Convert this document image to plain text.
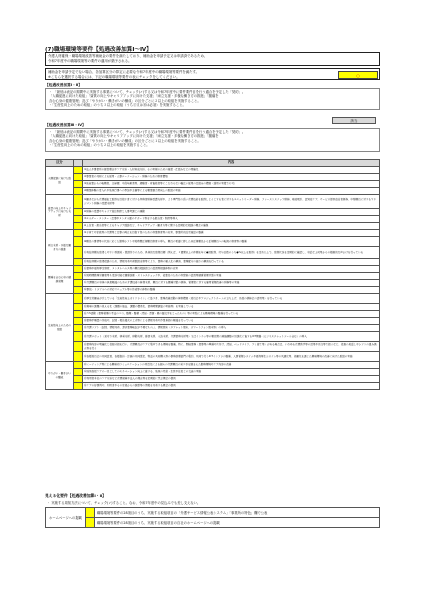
(7)職場環境等要件【処遇改善加算Ⅰ～Ⅳ】
介護人材確保・職場環境改善等補助金の要件を満たしており、補助金を申請予定又は申請済であるため、
令和7年度中の職場環境等の要件の適用が猶予される。
補助金を申請予定でない場合、各加算区分の算定に必要な令和7年度中の職場環境等要件を満たす。
※こちらを選択する場合には、下記の職場環境等要件の表にチェックをしてください。	○
【処遇改善加算Ⅰ・Ⅱ】
・ 「最低は表記の期間中に実施する事業について、チェック(✓)する又は令和7年度中に要件要件目を行う適合を予定した「契約」。
「入職促進に向けた取組」「資質の向上やキャリアアップに向けた支援」「両立支援・多様な働き方の推進」「腰痛を
含む心身の健康管理」及び「やりがい・働きがいの醸成」の区分ごとに２以上の取組を実施すること。
・「生産性向上のための取組」のうち３以上の取組（うち⑰又は⑱は必須）を実施すること。
該当
【処遇改善加算Ⅲ・Ⅳ】
・ 「最低は表記の期間中に実施する事業について、チェック(✓)する又は令和7年度中に要件要件目を行う適合を予定した「契約」。
「入職促進に向けた取組」「資質の向上やキャリアアップに向けた支援」「両立支援・多様な働き方の推進」「腰痛を
含む心身の健康管理」及び「やりがい・働きがいの醸成」の区分ごとに１以上の取組を実施すること。
・「生産性向上のための取組」のうち２以上の取組を実施すること。
区分		内容
入職促進に向けた取組		①法人や事業所の経営理念やケア方針・人材育成方針、その実現のための施策・仕組みなどの明確化
		②事業者の共同による採用・人事ローテーション・研修のための制度構築
		③他産業からの転職者、主婦層、中高年齢者等、経験者・有資格者等にこだわらない幅広い採用の仕組みの構築（採用の実績でも可）
		④職業体験の受入れや地域行事への参加や主催等による職業魅力度向上の取組の実施
資質の向上やキャリアアップに向けた支援		⑤働きながら介護福祉士取得を目指す者に対する実務者研修受講支援や、より専門性の高い介護技術を取得しようとする者に対するユニットリーダー研修、ファーストステップ研修、喀痰吸引、認知症ケア、サービス提供責任者研修、中堅職員に対するマネジメント研修の受講支援等
		⑥研修の受講やキャリア段位制度と人事考課との連動
		⑦エルダー・メンター（仕事やメンタル面のサポート等をする担当者）制度等導入
		⑧上位者・担当者等によるキャリア面談など、キャリアアップ・働き方等に関する定期的な相談の機会の確保
両立支援・多様な働き方の推進		⑨子育てや家族等の介護等と仕事の両立を目指す者のための休業制度等の充実、事業所内託児施設の整備
		⑩職員の事情等の状況に応じた勤務シフトや短時間正規職員制度の導入、職員の希望に即した非正規職員から正規職員への転換の制度等の整備
		⑪有給休暇を取得しやすい雰囲気・意識作りのため、具体的な取得目標（例えば、１週間以上の休暇を年に●回取得、付与日数のうち●%以上を取得）を定めた上で、取得状況を定期的に確認し、身近な上司等からの積極的な声かけを行っている
		⑫有給休暇の取得促進のため、情報共有や複数担当制等により、業務の属人化の解消、業務配分の偏りの解消を行っている
腰痛を含む心身の健康管理		⑬業務や福利厚生制度、メンタルヘルス等の職員相談窓口の設置等相談体制の充実
		⑭短時間勤務労働者等も受診可能な健康診断・ストレスチェックや、従業員のための休憩室の設置等健康管理対策の実施
		⑮介護職員の身体の負担軽減のための介護技術の修得支援、職員に対する腰痛対策の研修、管理者に対する雇用管理改善の研修等の実施
		⑯事故・トラブルへの対応マニュアル等の作成等の体制の整備
生産性向上のための取組		⑰厚生労働省が示している「生産性向上ガイドライン」に基づき、業務改善活動の体制構築（委員会やプロジェクトチームの立ち上げ、外部の研修会の活用等）を行っている
		⑱現場の課題の見える化（課題の抽出、課題の構造化、業務時間調査の実施等）を実施している
		⑲５S活動（業務管理の手法の１つ。整理・整頓・清掃・清潔・躾の頭文字をとったもの）等の実践による職場環境の整備を行っている
		⑳業務手順書の作成や、記録・報告様式の工夫等による情報共有や作業負担の軽減を行っている
		㉑介護ソフト（記録、情報共有、請求業務転記が不要なもの。）、情報端末（タブレット端末、スマートフォン端末等）の導入
		㉒介護ロボット（見守り支援、移乗支援、移動支援、排泄支援、入浴支援、介護業務支援等）又はインカム等の職員間の連絡調整の迅速化に資するICT機器（ビジネスチャットツール含む）の導入
		㉓業務内容の明確化と役割分担を行い、介護職員がケアに集中できる環境を整備。特に、間接業務（食事等の準備や片付け、清掃、ベッドメイク、ゴミ捨て等）がある場合は、いわゆる介護助手等の活用や外注等で担うなど、役割の見直しやシフトの組み換え等を行う
		㉔各種委員会の共同設置、各種指針・計画の共同策定、物品の共同購入等の事務処理部門の集約、共同で行うICTインフラの整備、人事管理システムや福利厚生システム等の共通化等、協働化を通じた職場環境の改善に向けた取組の実施
やりがい・働きがいの醸成		㉕ミーティング等による職場内コミュニケーションの円滑化による個々の介護職員の気づきを踏まえた勤務環境やケア内容の改善
		㉖地域包括ケアの一員としてのモチベーション向上に資する、地域の児童・生徒や住民との交流の実施
		㉗利用者本位のケア方針など介護保険や法人の理念等を定期的に学ぶ機会の提供
		㉘ケアの好事例や、利用者やその家族からの謝意等の情報を共有する機会の提供
見える化要件【処遇改善加算Ⅰ・Ⅱ】
・ 実施する周知方法について、チェック(✓)すること。なお、令和7年度中の見込みでも差し支えない。
ホームページへの掲載		職場環境等要件の28項目のうち、実施する取組項目の「介護サービス情報公表システム」「事業所の特色」欄で公表
		職場環境等要件の28項目のうち、実施する取組項目の自社のホームページへの掲載
